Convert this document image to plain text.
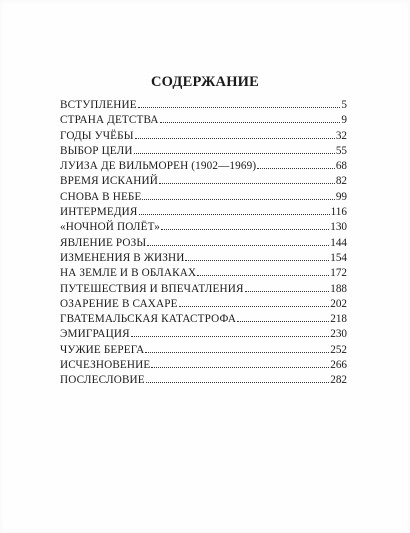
СОДЕРЖАНИЕ
ВСТУПЛЕНИЕ	5
СТРАНА ДЕТСТВА	9
ГОДЫ УЧЁБЫ	32
ВЫБОР ЦЕЛИ	55
ЛУИЗА ДЕ ВИЛЬМОРЕН (1902—1969)	68
ВРЕМЯ ИСКАНИЙ	82
СНОВА В НЕБЕ	99
ИНТЕРМЕДИЯ	116
«НОЧНОЙ ПОЛЁТ»	130
ЯВЛЕНИЕ РОЗЫ	144
ИЗМЕНЕНИЯ В ЖИЗНИ	154
НА ЗЕМЛЕ И В ОБЛАКАХ	172
ПУТЕШЕСТВИЯ И ВПЕЧАТЛЕНИЯ	188
ОЗАРЕНИЕ В САХАРЕ	202
ГВАТЕМАЛЬСКАЯ КАТАСТРОФА	218
ЭМИГРАЦИЯ	230
ЧУЖИЕ БЕРЕГА	252
ИСЧЕЗНОВЕНИЕ	266
ПОСЛЕСЛОВИЕ	282
